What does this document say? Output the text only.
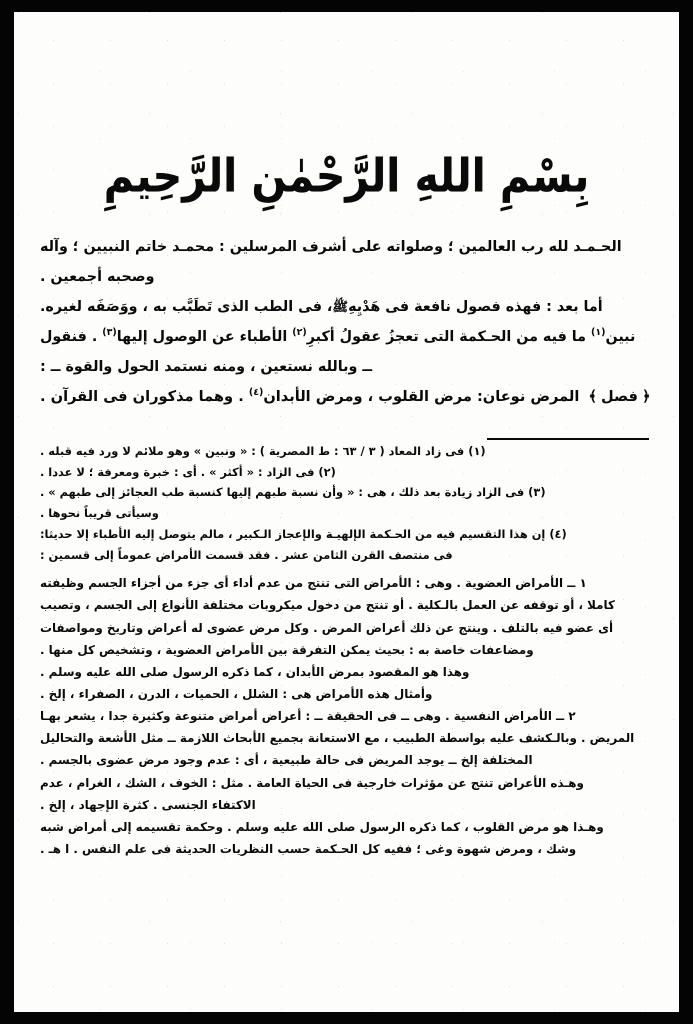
بِسْمِ اللهِ الرَّحْمٰنِ الرَّحِيمِ

الحـمـد لله رب العالمين ؛ وصلواته على أشرف المرسلين : محمـد خاتم النبيين ؛ وآله

وصحبه أجمعين .

أما بعد : فهذه فصول نافعة فى هَدْيِهِﷺ، فى الطب الذى تَطَبَّب به ، ووَصَفَه لغيره.

نبين$^{(١)}$ ما فيه من الحـكمة التى تعجزُ عقولُ أكبرِ$^{(٢)}$ الأطباء عن الوصول إليها$^{(٣)}$ . فنقول

ــ وبالله نستعين ، ومنه نستمد الحول والقوة ــ :

﴿فصل﴾ المرض نوعان: مرض القلوب ، ومرض الأبدان$^{(٤)}$ . وهما مذكوران فى القرآن .

(١) فى زاد المعاد ( ٣ / ٦٣ : ط المصرية ) : « ونبين » وهو ملائم لا ورد فيه قبله .

(٢) فى الزاد : « أكثر » . أى : خبرة ومعرفة ؛ لا عددا .

(٣) فى الزاد زيادة بعد ذلك ، هى : « وأن نسبة طبهم إليها كنسبة طب العجائز إلى طبهم » .

وسيأتى قريباً نحوها .

(٤) إن هذا التقسيم فيه من الحـكمة الإلهيـة والإعجاز الـكبير ، مالم يتوصل إليه الأطباء إلا حديثا:

فى منتصف القرن الثامن عشر . فقد قسمت الأمراض عموماً إلى قسمين :

١ ــ الأمراض العضوية . وهى : الأمراض التى تنتج من عدم أداء أى جزء من أجزاء الجسم وظيفته

كاملا ، أو توقفه عن العمل بالـكلية . أو تنتج من دخول ميكروبات مختلفة الأنواع إلى الجسم ، وتصيب

أى عضو فيه بالتلف . وينتج عن ذلك أعراض المرض . وكل مرض عضوى له أعراض وتاريخ ومواصفات

ومضاعفات خاصة به : بحيث يمكن التفرقة بين الأمراض العضوية ، وتشخيص كل منها .

وهذا هو المقصود بمرض الأبدان ، كما ذكره الرسول صلى الله عليه وسلم .

وأمثال هذه الأمراض هى : الشلل ، الحميات ، الدرن ، الصفراء ، إلخ .

٢ ــ الأمراض النفسية . وهى ــ فى الحقيقة ــ : أعراض أمراض متنوعة وكثيرة جدا ، يشعر بهـا

المريض . وبالـكشف عليه بواسطة الطبيب ، مع الاستعانة بجميع الأبحاث اللازمة ــ مثل الأشعة والتحاليل

المختلفة إلخ ــ يوجد المريض فى حالة طبيعية ، أى : عدم وجود مرض عضوى بالجسم .

وهـذه الأعراض تنتج عن مؤثرات خارجية فى الحياة العامة . مثل : الخوف ، الشك ، الغرام ، عدم

الاكتفاء الجنسى . كثرة الإجهاد ، إلخ .

وهـذا هو مرض القلوب ، كما ذكره الرسول صلى الله عليه وسلم . وحكمة تقسيمه إلى أمراض شبه

وشك ، ومرض شهوة وغى ؛ ففيه كل الحـكمة حسب النظريات الحديثة فى علم النفس . ا هـ .
